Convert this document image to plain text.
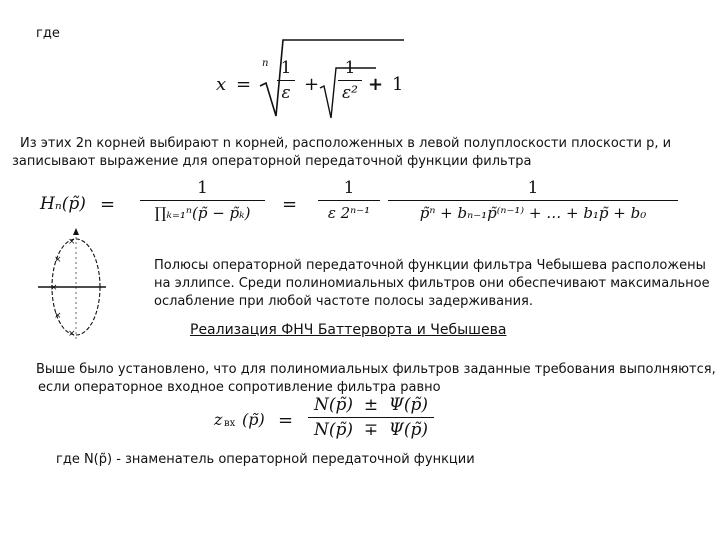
где
x =
n 1
ε +
1
ε² + 1
Из этих 2n корней выбирают n корней, расположенных в левой полуплоскости плоскости p, и
записывают выражение для операторной передаточной функции фильтра
Hₙ(p̃) =
1
∏ₖ₌₁ⁿ(p̃ − p̃ₖ)	=
1
ε 2ⁿ⁻¹
1
p̃ⁿ + bₙ₋₁p̃⁽ⁿ⁻¹⁾ + … + b₁p̃ + b₀
×
×
×
×
×
Полюсы операторной передаточной функции фильтра Чебышева расположены
на эллипсе. Среди полиномиальных фильтров они обеспечивают максимальное
ослабление при любой частоте полосы задерживания.
Реализация ФНЧ Баттерворта и Чебышева
Выше было установлено, что для полиномиальных фильтров заданные требования выполняются,
если операторное входное сопротивление фильтра равно
z вх (p̃) =
N(p̃)  ±  Ψ(p̃)
N(p̃)  ∓  Ψ(p̃)
где N(p̃) - знаменатель операторной передаточной функции
